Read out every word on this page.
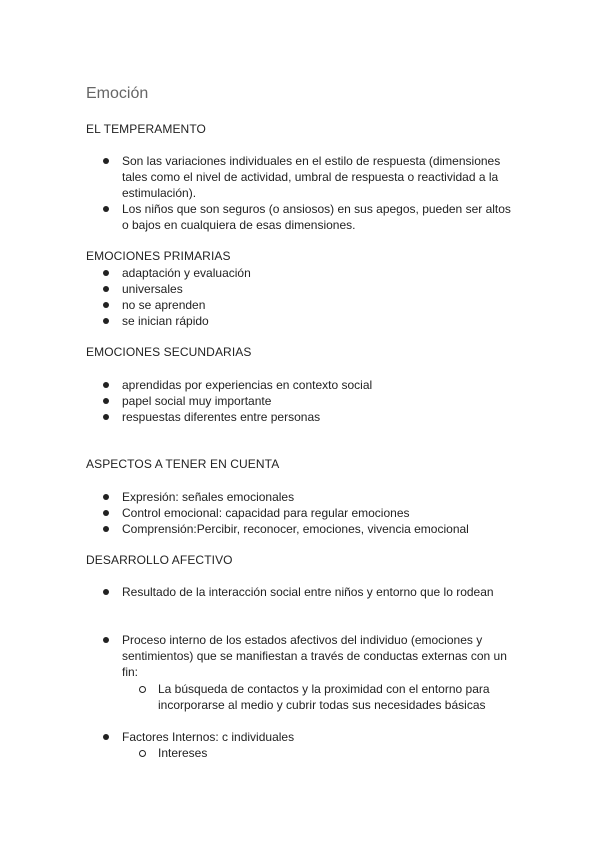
Emoción
EL TEMPERAMENTO
Son las variaciones individuales en el estilo de respuesta (dimensiones
tales como el nivel de actividad, umbral de respuesta o reactividad a la
estimulación).
Los niños que son seguros (o ansiosos) en sus apegos, pueden ser altos
o bajos en cualquiera de esas dimensiones.
EMOCIONES PRIMARIAS
adaptación y evaluación
universales
no se aprenden
se inician rápido
EMOCIONES SECUNDARIAS
aprendidas por experiencias en contexto social
papel social muy importante
respuestas diferentes entre personas
ASPECTOS A TENER EN CUENTA
Expresión: señales emocionales
Control emocional: capacidad para regular emociones
Comprensión:Percibir, reconocer, emociones, vivencia emocional
DESARROLLO AFECTIVO
Resultado de la interacción social entre niños y entorno que lo rodean
Proceso interno de los estados afectivos del individuo (emociones y
sentimientos) que se manifiestan a través de conductas externas con un
fin:
La búsqueda de contactos y la proximidad con el entorno para
incorporarse al medio y cubrir todas sus necesidades básicas
Factores Internos: c individuales
Intereses
